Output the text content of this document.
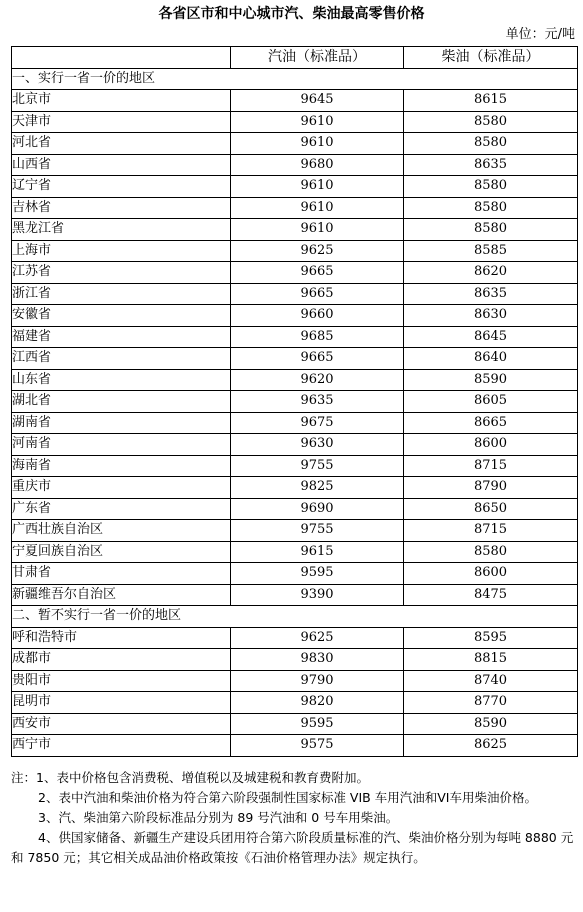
各省区市和中心城市汽、柴油最高零售价格
单位：元/吨
	汽油（标准品）	柴油（标准品）
一、实行一省一价的地区		
北京市	9645	8615
天津市	9610	8580
河北省	9610	8580
山西省	9680	8635
辽宁省	9610	8580
吉林省	9610	8580
黑龙江省	9610	8580
上海市	9625	8585
江苏省	9665	8620
浙江省	9665	8635
安徽省	9660	8630
福建省	9685	8645
江西省	9665	8640
山东省	9620	8590
湖北省	9635	8605
湖南省	9675	8665
河南省	9630	8600
海南省	9755	8715
重庆市	9825	8790
广东省	9690	8650
广西壮族自治区	9755	8715
宁夏回族自治区	9615	8580
甘肃省	9595	8600
新疆维吾尔自治区	9390	8475
二、暂不实行一省一价的地区		
呼和浩特市	9625	8595
成都市	9830	8815
贵阳市	9790	8740
昆明市	9820	8770
西安市	9595	8590
西宁市	9575	8625

注：1、表中价格包含消费税、增值税以及城建税和教育费附加。

2、表中汽油和柴油价格为符合第六阶段强制性国家标准 VIB 车用汽油和VI车用柴油价格。

3、汽、柴油第六阶段标准品分别为 89 号汽油和 0 号车用柴油。

4、供国家储备、新疆生产建设兵团用符合第六阶段质量标准的汽、柴油价格分别为每吨 8880 元和 7850 元；其它相关成品油价格政策按《石油价格管理办法》规定执行。
